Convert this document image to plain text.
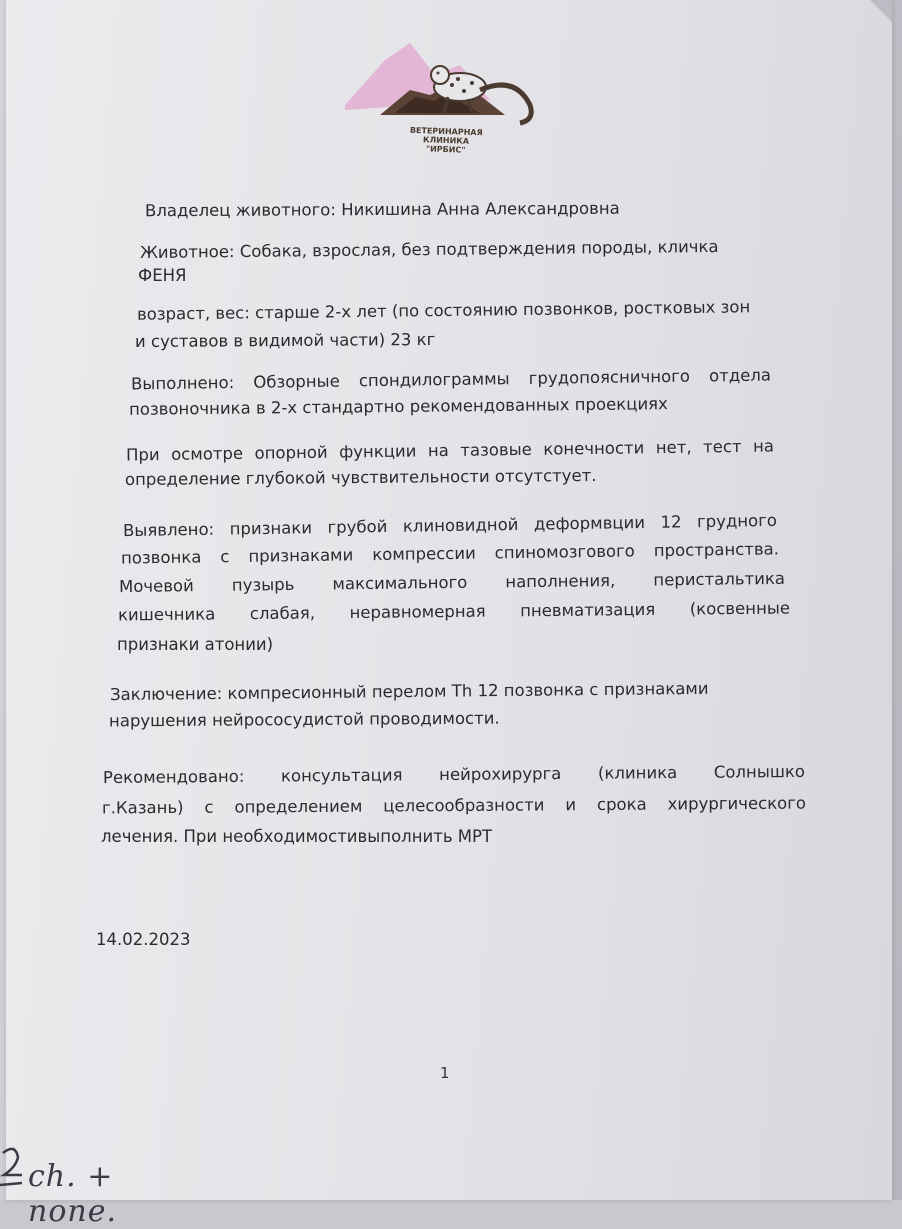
ВЕТЕРИНАРНАЯ КЛИНИКА
"ИРБИС"
Владелец животного: Никишина Анна Александровна
Животное: Собака, взрослая, без подтверждения породы, кличка
ФЕНЯ
возраст, вес: старше 2-х лет (по состоянию позвонков, ростковых зон
и суставов в видимой части) 23 кг
Выполнено: Обзорные спондилограммы грудопоясничного отдела
позвоночника в 2-х стандартно рекомендованных проекциях
При осмотре опорной функции на тазовые конечности нет, тест на
определение глубокой чувствительности отсутстует.
Выявлено: признаки грубой клиновидной деформвции 12 грудного
позвонка с признаками компрессии спиномозгового пространства.
Мочевой пузырь максимального наполнения, перистальтика
кишечника слабая, неравномерная пневматизация (косвенные
признаки атонии)
Заключение: компресионный перелом Th 12 позвонка с признаками
нарушения нейрососудистой проводимости.
Рекомендовано: консультация нейрохирурга (клиника Солнышко
г.Казань) с определением целесообразности и срока хирургического
лечения. При необходимостивыполнить МРТ
14.02.2023
1
ch. + none.
